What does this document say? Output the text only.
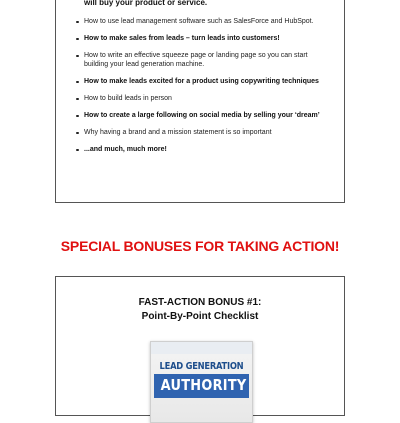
will buy your product or service.
How to use lead management software such as SalesForce and HubSpot.
How to make sales from leads – turn leads into customers!
How to write an effective squeeze page or landing page so you can start building your lead generation machine.
How to make leads excited for a product using copywriting techniques
How to build leads in person
How to create a large following on social media by selling your ‘dream’
Why having a brand and a mission statement is so important
...and much, much more!
SPECIAL BONUSES FOR TAKING ACTION!
FAST-ACTION BONUS #1:
Point-By-Point Checklist
LEAD GENERATION
AUTHORITY
